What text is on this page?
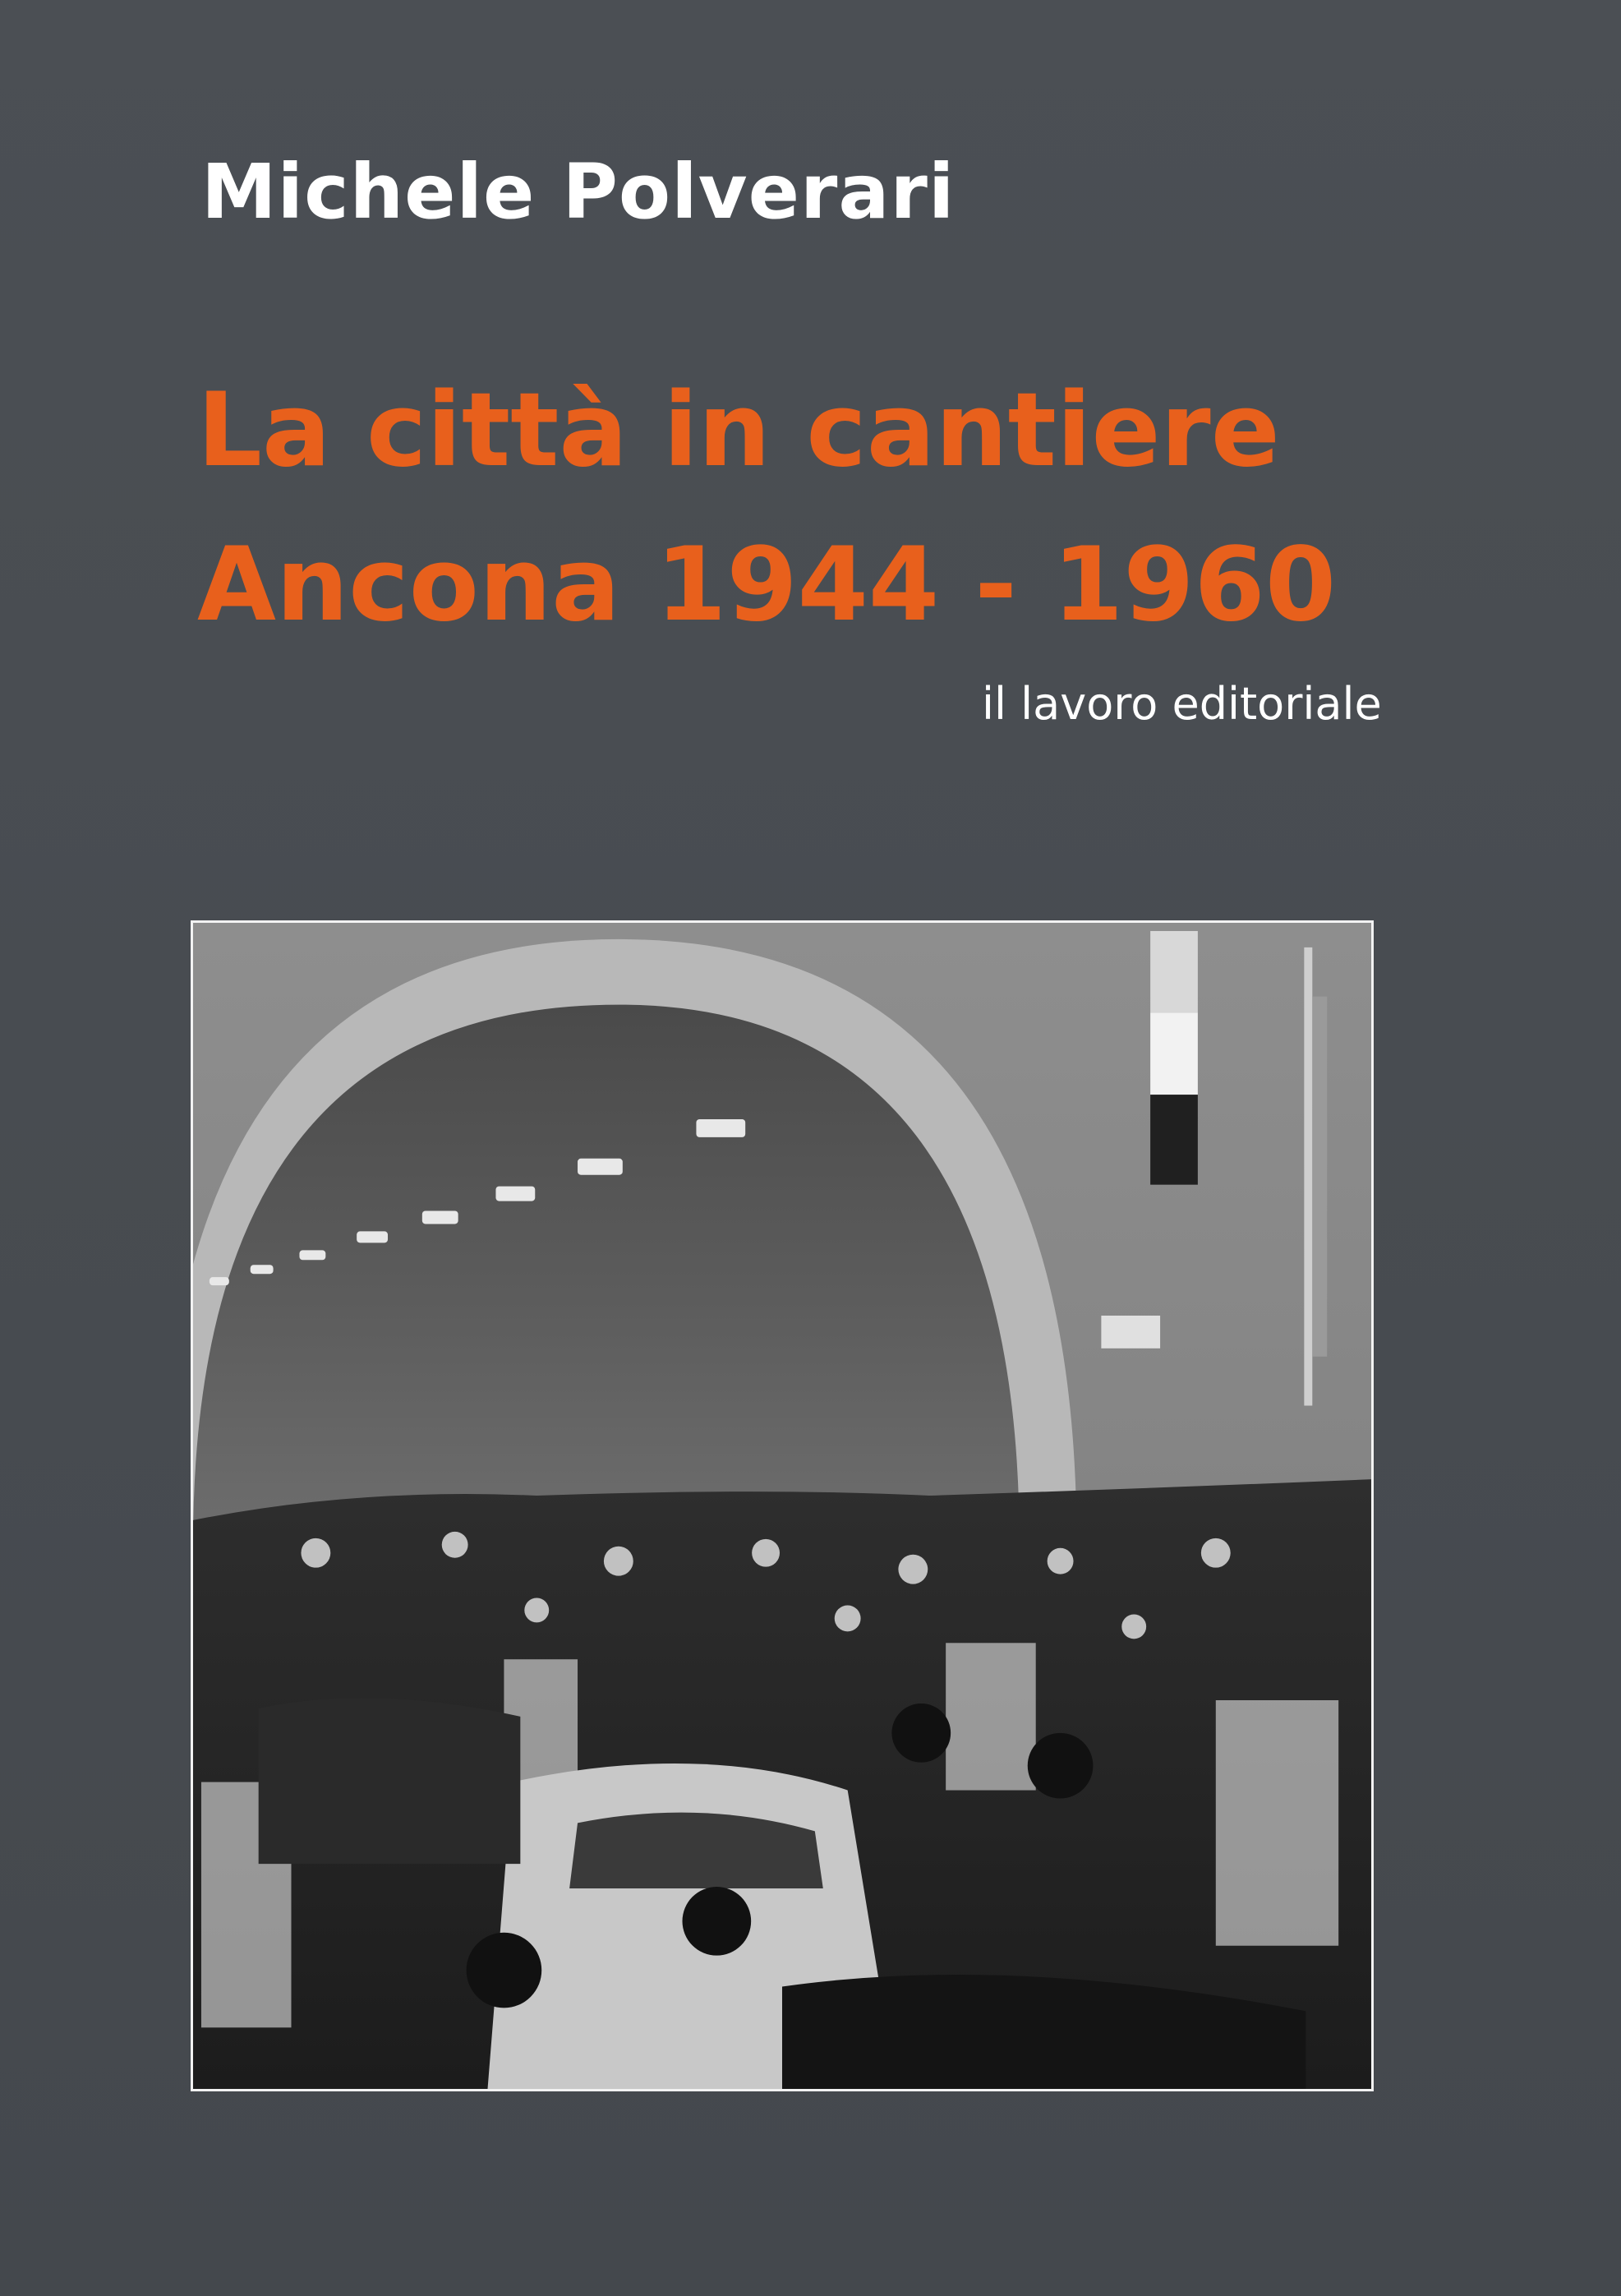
Michele Polverari
La città in cantiere
Ancona 1944 - 1960
il lavoro editoriale
